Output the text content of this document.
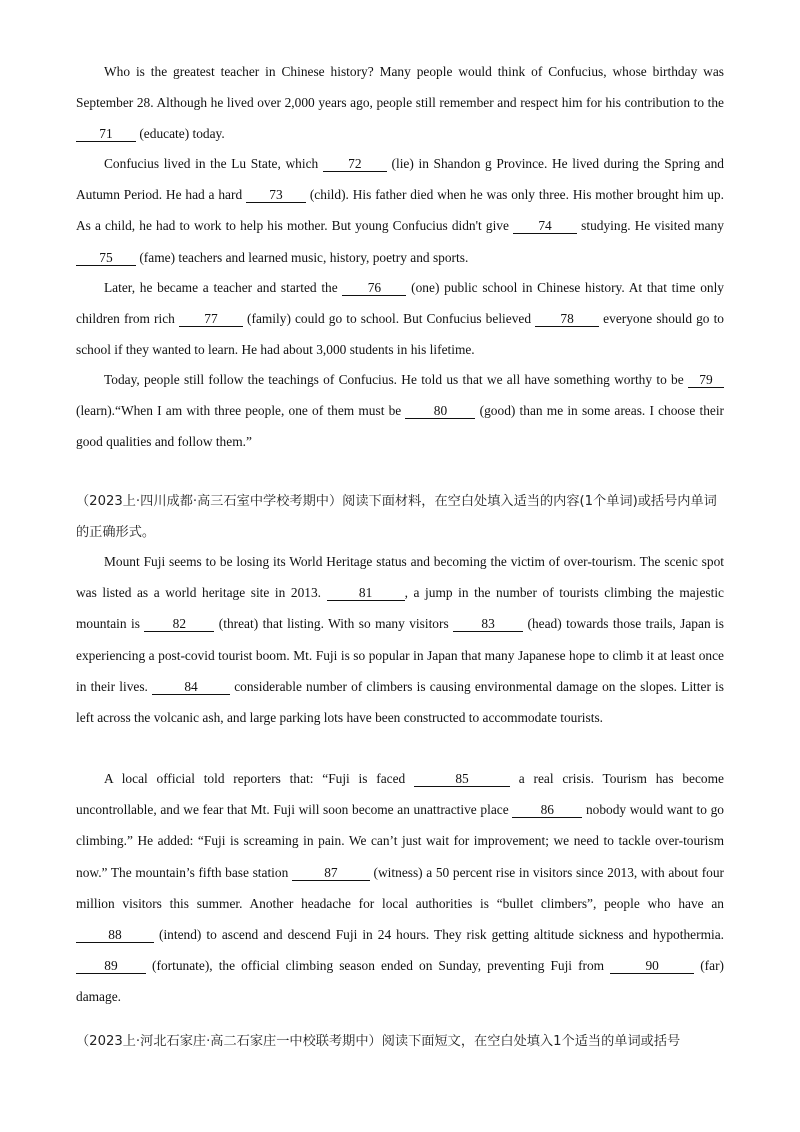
Who is the greatest teacher in Chinese history? Many people would think of Confucius, whose birthday was September 28. Although he lived over 2,000 years ago, people still remember and respect him for his contribution to the 71 (educate) today.

Confucius lived in the Lu State, which 72 (lie) in Shandon g Province. He lived during the Spring and Autumn Period. He had a hard 73 (child). His father died when he was only three. His mother brought him up. As a child, he had to work to help his mother. But young Confucius didn't give 74 studying. He visited many 75 (fame) teachers and learned music, history, poetry and sports.

Later, he became a teacher and started the 76 (one) public school in Chinese history. At that time only children from rich 77 (family) could go to school. But Confucius believed 78 everyone should go to school if they wanted to learn. He had about 3,000 students in his lifetime.

Today, people still follow the teachings of Confucius. He told us that we all have something worthy to be 79 (learn).“When I am with three people, one of them must be 80 (good) than me in some areas. I choose their good qualities and follow them.”

（2023上·四川成都·高三石室中学校考期中）阅读下面材料，在空白处填入适当的内容(1个单词)或括号内单词的正确形式。

Mount Fuji seems to be losing its World Heritage status and becoming the victim of over-tourism. The scenic spot was listed as a world heritage site in 2013. 81 , a jump in the number of tourists climbing the majestic mountain is 82 (threat) that listing. With so many visitors 83 (head) towards those trails, Japan is experiencing a post-covid tourist boom. Mt. Fuji is so popular in Japan that many Japanese hope to climb it at least once in their lives. 84 considerable number of climbers is causing environmental damage on the slopes. Litter is left across the volcanic ash, and large parking lots have been constructed to accommodate tourists.

A local official told reporters that: “Fuji is faced	85	a real crisis. Tourism has become uncontrollable, and we fear that Mt. Fuji will soon become an unattractive place 86 nobody would want to go climbing.” He added: “Fuji is screaming in pain. We can’t just wait for improvement; we need to tackle over-tourism now.” The mountain’s fifth base station 87 (witness) a 50 percent rise in visitors since 2013, with about four million visitors this summer. Another headache for local authorities is “bullet climbers”, people who have an 88 (intend) to ascend and descend Fuji in 24 hours. They risk getting altitude sickness and hypothermia. 89 (fortunate), the official climbing season ended on Sunday, preventing Fuji from	90	(far) damage.

（2023上·河北石家庄·高二石家庄一中校联考期中）阅读下面短文，在空白处填入1个适当的单词或括号
